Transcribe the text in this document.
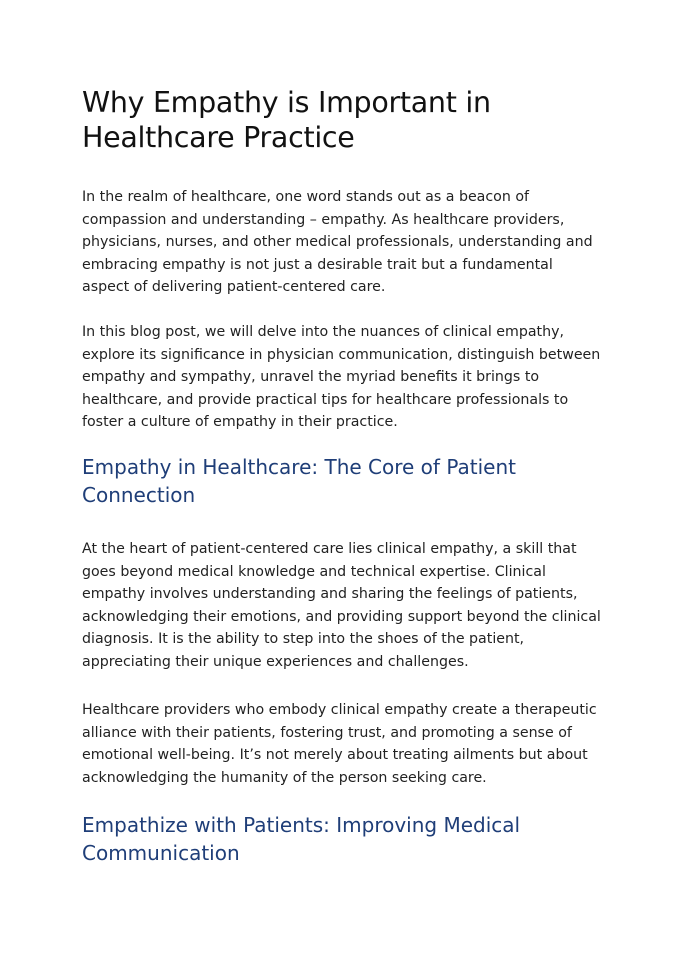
Why Empathy is Important in Healthcare Practice

In the realm of healthcare, one word stands out as a beacon of compassion and understanding – empathy. As healthcare providers, physicians, nurses, and other medical professionals, understanding and embracing empathy is not just a desirable trait but a fundamental aspect of delivering patient-centered care.

In this blog post, we will delve into the nuances of clinical empathy, explore its significance in physician communication, distinguish between empathy and sympathy, unravel the myriad benefits it brings to healthcare, and provide practical tips for healthcare professionals to foster a culture of empathy in their practice.

Empathy in Healthcare: The Core of Patient Connection

At the heart of patient-centered care lies clinical empathy, a skill that goes beyond medical knowledge and technical expertise. Clinical empathy involves understanding and sharing the feelings of patients, acknowledging their emotions, and providing support beyond the clinical diagnosis. It is the ability to step into the shoes of the patient, appreciating their unique experiences and challenges.

Healthcare providers who embody clinical empathy create a therapeutic alliance with their patients, fostering trust, and promoting a sense of emotional well-being. It’s not merely about treating ailments but about acknowledging the humanity of the person seeking care.

Empathize with Patients: Improving Medical Communication
